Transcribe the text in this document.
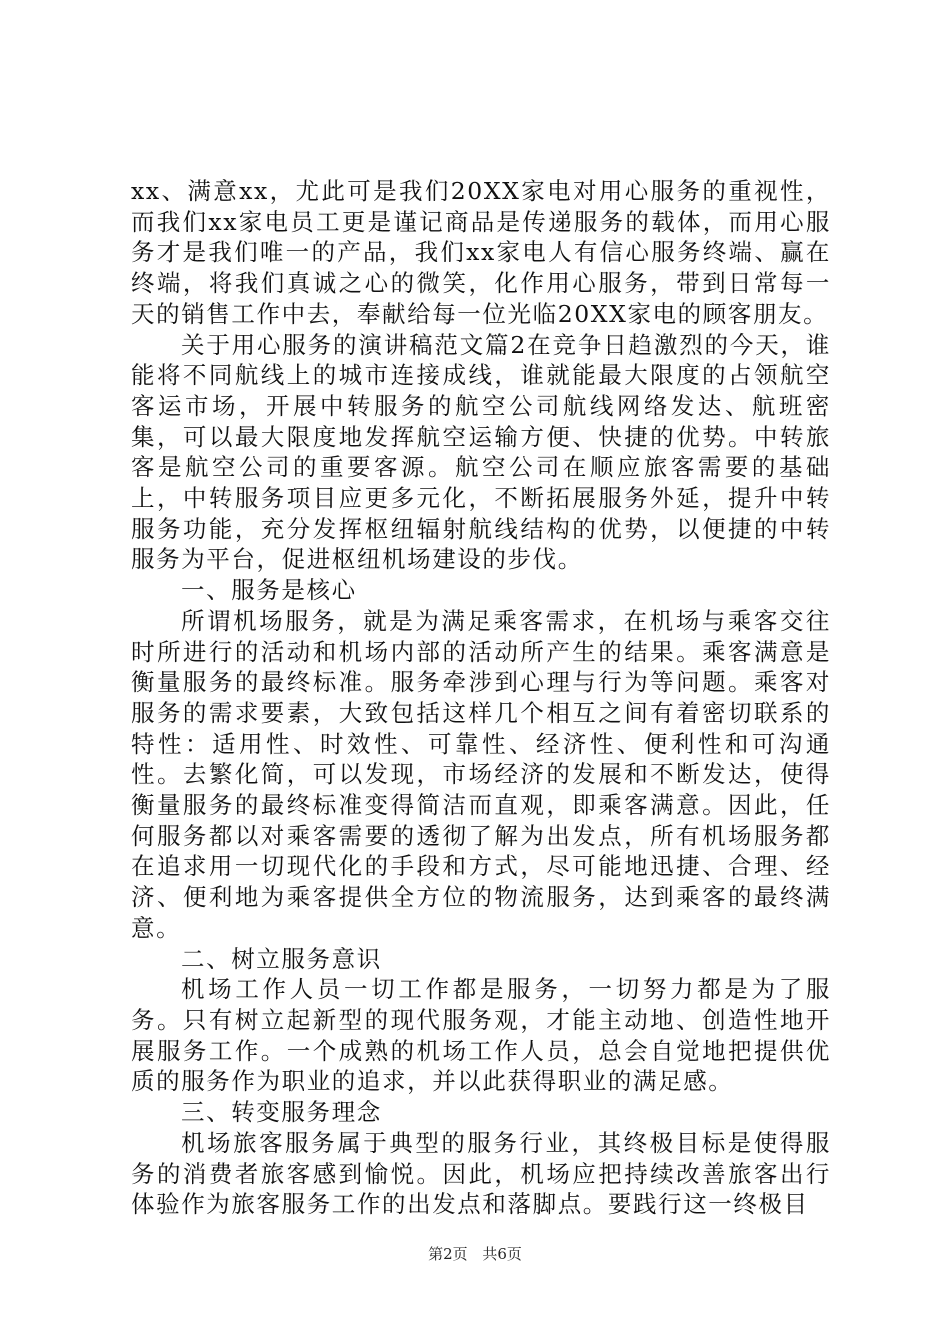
xx、满意xx，尤此可是我们20XX家电对用心服务的重视性，而我们xx家电员工更是谨记商品是传递服务的载体，而用心服务才是我们唯一的产品，我们xx家电人有信心服务终端、赢在终端，将我们真诚之心的微笑，化作用心服务，带到日常每一天的销售工作中去，奉献给每一位光临20XX家电的顾客朋友。

关于用心服务的演讲稿范文篇2在竞争日趋激烈的今天，谁能将不同航线上的城市连接成线，谁就能最大限度的占领航空客运市场，开展中转服务的航空公司航线网络发达、航班密集，可以最大限度地发挥航空运输方便、快捷的优势。中转旅客是航空公司的重要客源。航空公司在顺应旅客需要的基础上，中转服务项目应更多元化，不断拓展服务外延，提升中转服务功能，充分发挥枢纽辐射航线结构的优势，以便捷的中转服务为平台，促进枢纽机场建设的步伐。

一、服务是核心

所谓机场服务，就是为满足乘客需求，在机场与乘客交往时所进行的活动和机场内部的活动所产生的结果。乘客满意是衡量服务的最终标准。服务牵涉到心理与行为等问题。乘客对服务的需求要素，大致包括这样几个相互之间有着密切联系的特性：适用性、时效性、可靠性、经济性、便利性和可沟通性。去繁化简，可以发现，市场经济的发展和不断发达，使得衡量服务的最终标准变得简洁而直观，即乘客满意。因此，任何服务都以对乘客需要的透彻了解为出发点，所有机场服务都在追求用一切现代化的手段和方式，尽可能地迅捷、合理、经济、便利地为乘客提供全方位的物流服务，达到乘客的最终满意。

二、树立服务意识

机场工作人员一切工作都是服务，一切努力都是为了服务。只有树立起新型的现代服务观，才能主动地、创造性地开展服务工作。一个成熟的机场工作人员，总会自觉地把提供优质的服务作为职业的追求，并以此获得职业的满足感。

三、转变服务理念

机场旅客服务属于典型的服务行业，其终极目标是使得服务的消费者旅客感到愉悦。因此，机场应把持续改善旅客出行体验作为旅客服务工作的出发点和落脚点。要践行这一终极目

第2页 共6页
